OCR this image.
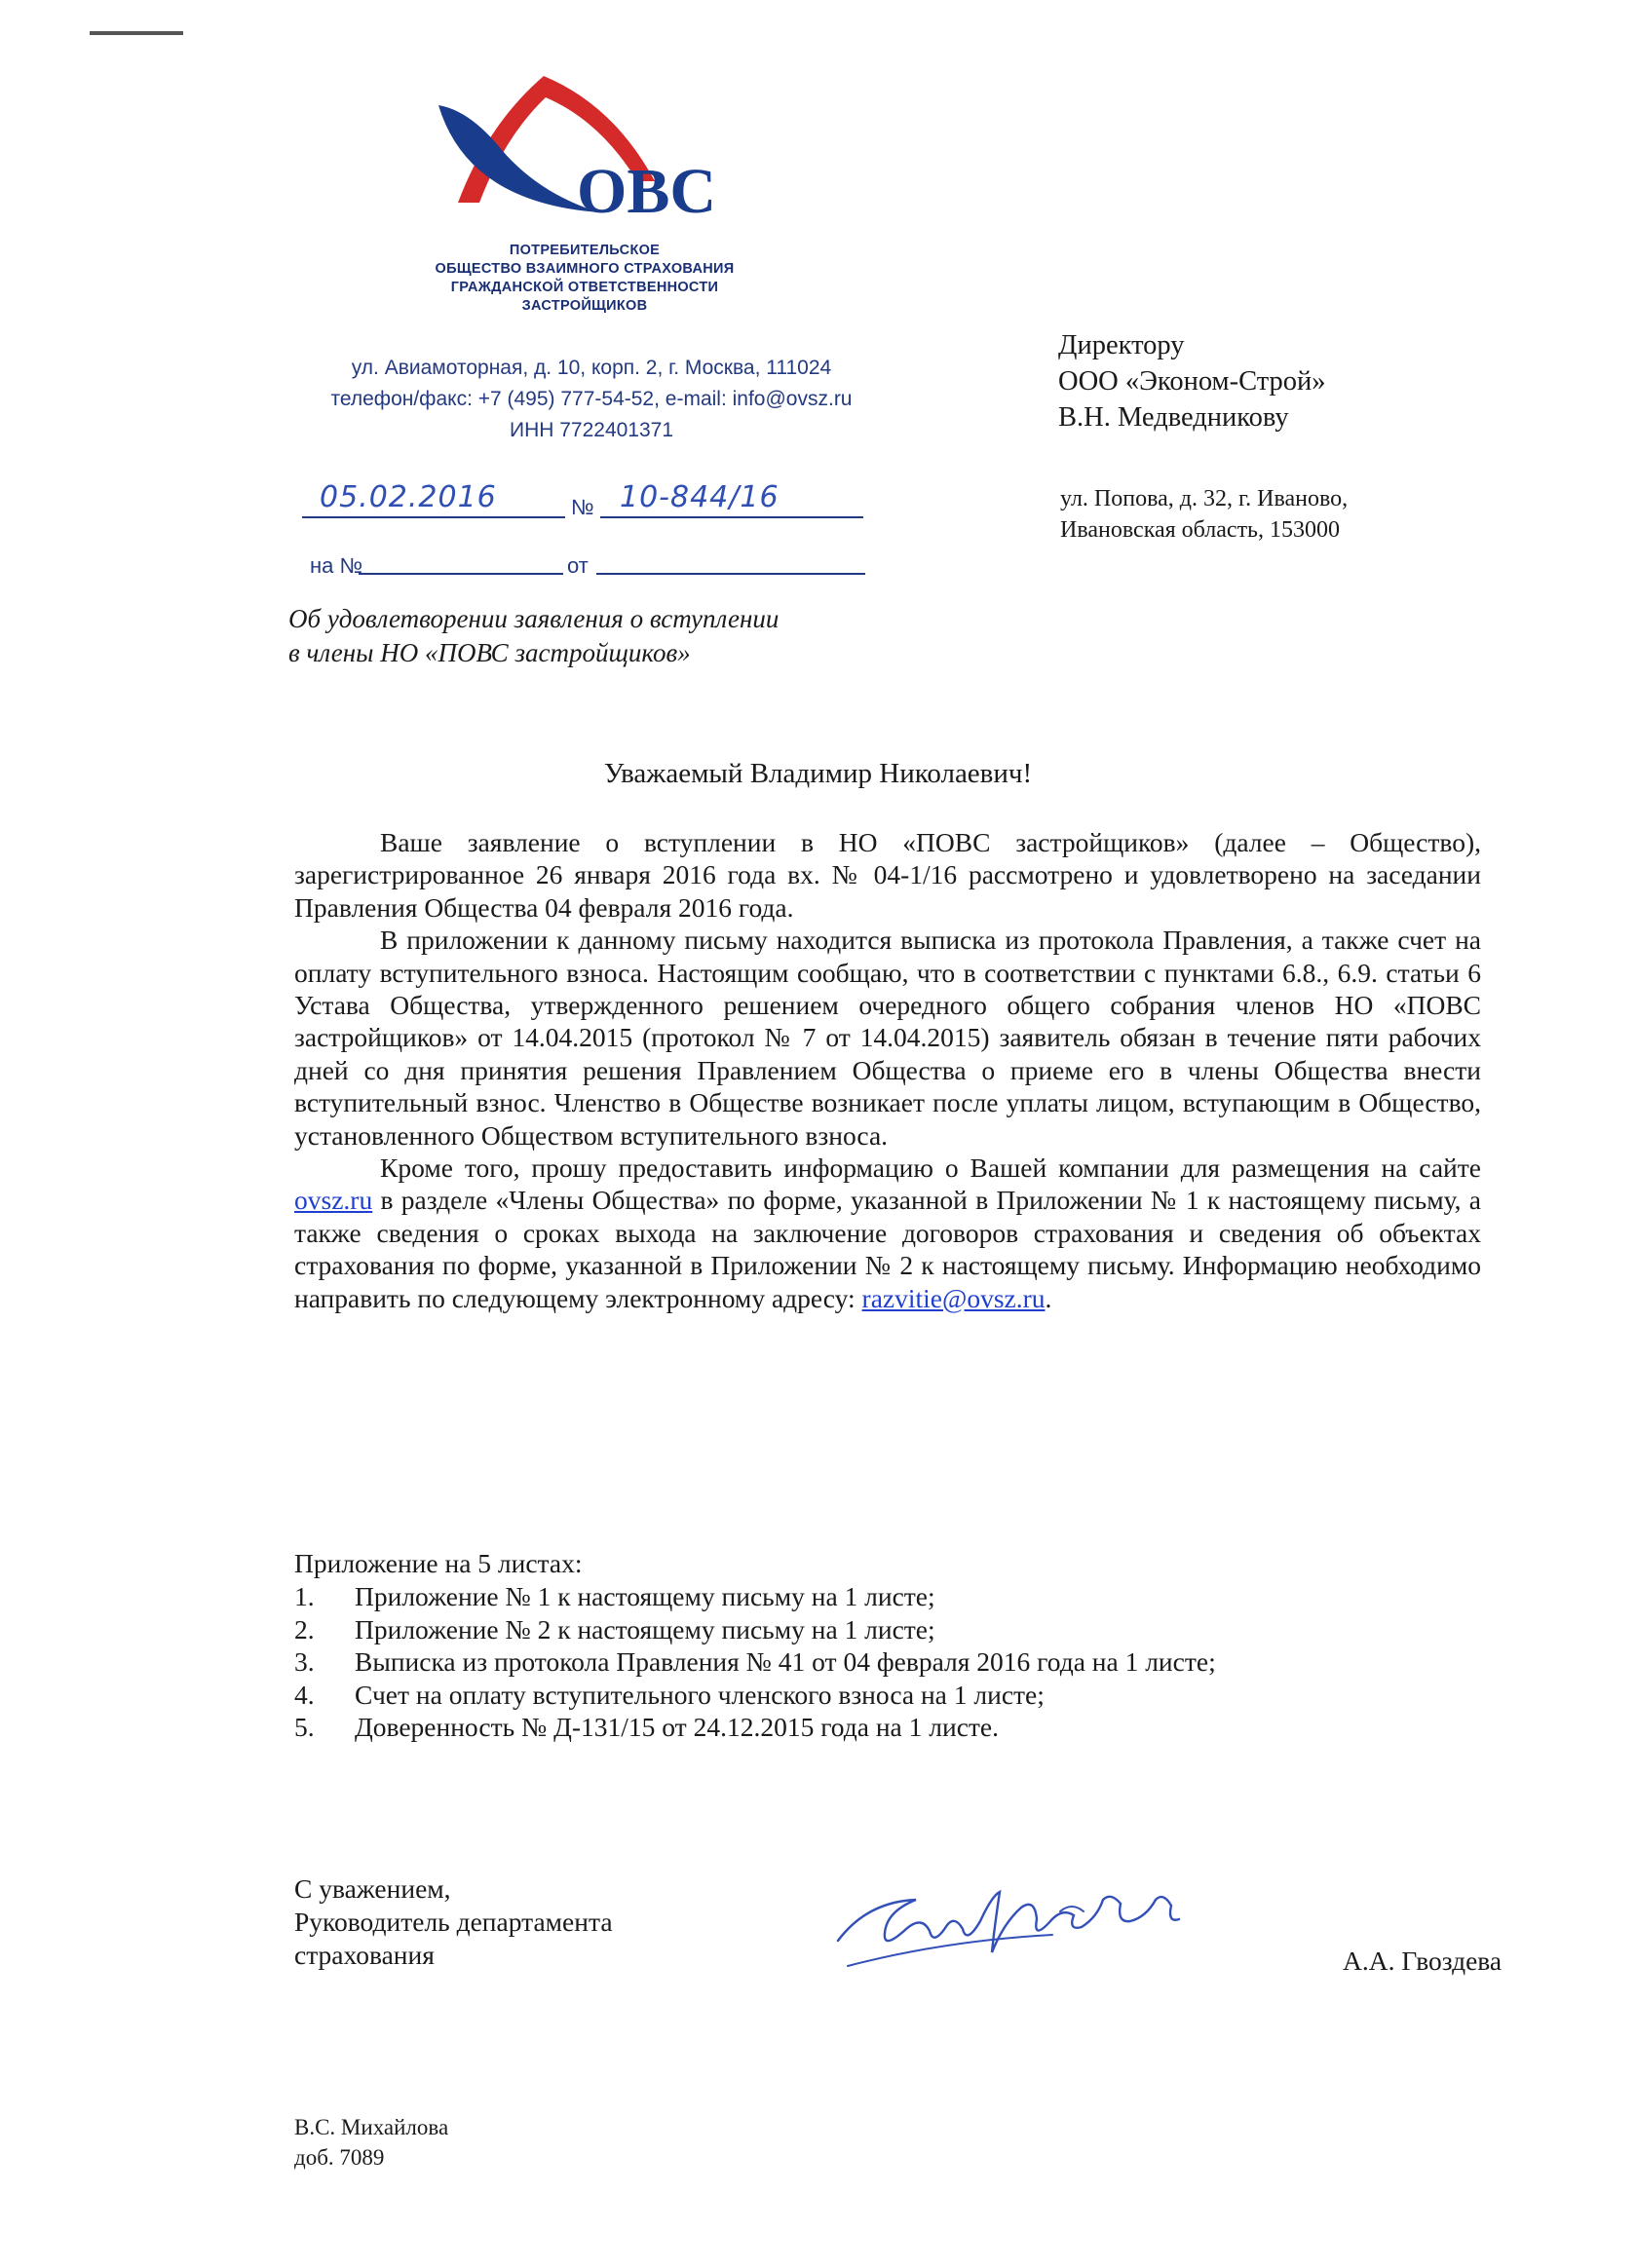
ОВС
ПОТРЕБИТЕЛЬСКОЕ
ОБЩЕСТВО ВЗАИМНОГО СТРАХОВАНИЯ
ГРАЖДАНСКОЙ ОТВЕТСТВЕННОСТИ
ЗАСТРОЙЩИКОВ
ул. Авиамоторная, д. 10, корп. 2, г. Москва, 111024
телефон/факс: +7 (495) 777-54-52, e-mail: info@ovsz.ru
ИНН 7722401371
05.02.2016	№ 10-844/16
на №	от
Об удовлетворении заявления о вступлении
в члены НО «ПОВС застройщиков»
Директору
ООО «Эконом-Строй»
В.Н. Медведникову
ул. Попова, д. 32, г. Иваново,
Ивановская область, 153000
Уважаемый Владимир Николаевич!

Ваше заявление о вступлении в НО «ПОВС застройщиков» (далее – Общество), зарегистрированное 26 января 2016 года вх. № 04-1/16 рассмотрено и удовлетворено на заседании Правления Общества 04 февраля 2016 года.

В приложении к данному письму находится выписка из протокола Правления, а также счет на оплату вступительного взноса. Настоящим сообщаю, что в соответствии с пунктами 6.8., 6.9. статьи 6 Устава Общества, утвержденного решением очередного общего собрания членов НО «ПОВС застройщиков» от 14.04.2015 (протокол № 7 от 14.04.2015) заявитель обязан в течение пяти рабочих дней со дня принятия решения Правлением Общества о приеме его в члены Общества внести вступительный взнос. Членство в Обществе возникает после уплаты лицом, вступающим в Общество, установленного Обществом вступительного взноса.

Кроме того, прошу предоставить информацию о Вашей компании для размещения на сайте ovsz.ru в разделе «Члены Общества» по форме, указанной в Приложении № 1 к настоящему письму, а также сведения о сроках выхода на заключение договоров страхования и сведения об объектах страхования по форме, указанной в Приложении № 2 к настоящему письму. Информацию необходимо направить по следующему электронному адресу: razvitie@ovsz.ru.

Приложение на 5 листах:
1. Приложение № 1 к настоящему письму на 1 листе;
2. Приложение № 2 к настоящему письму на 1 листе;
3. Выписка из протокола Правления № 41 от 04 февраля 2016 года на 1 листе;
4. Счет на оплату вступительного членского взноса на 1 листе;
5. Доверенность № Д-131/15 от 24.12.2015 года на 1 листе.
С уважением,
Руководитель департамента
страхования	А.А. Гвоздева
В.С. Михайлова
доб. 7089
